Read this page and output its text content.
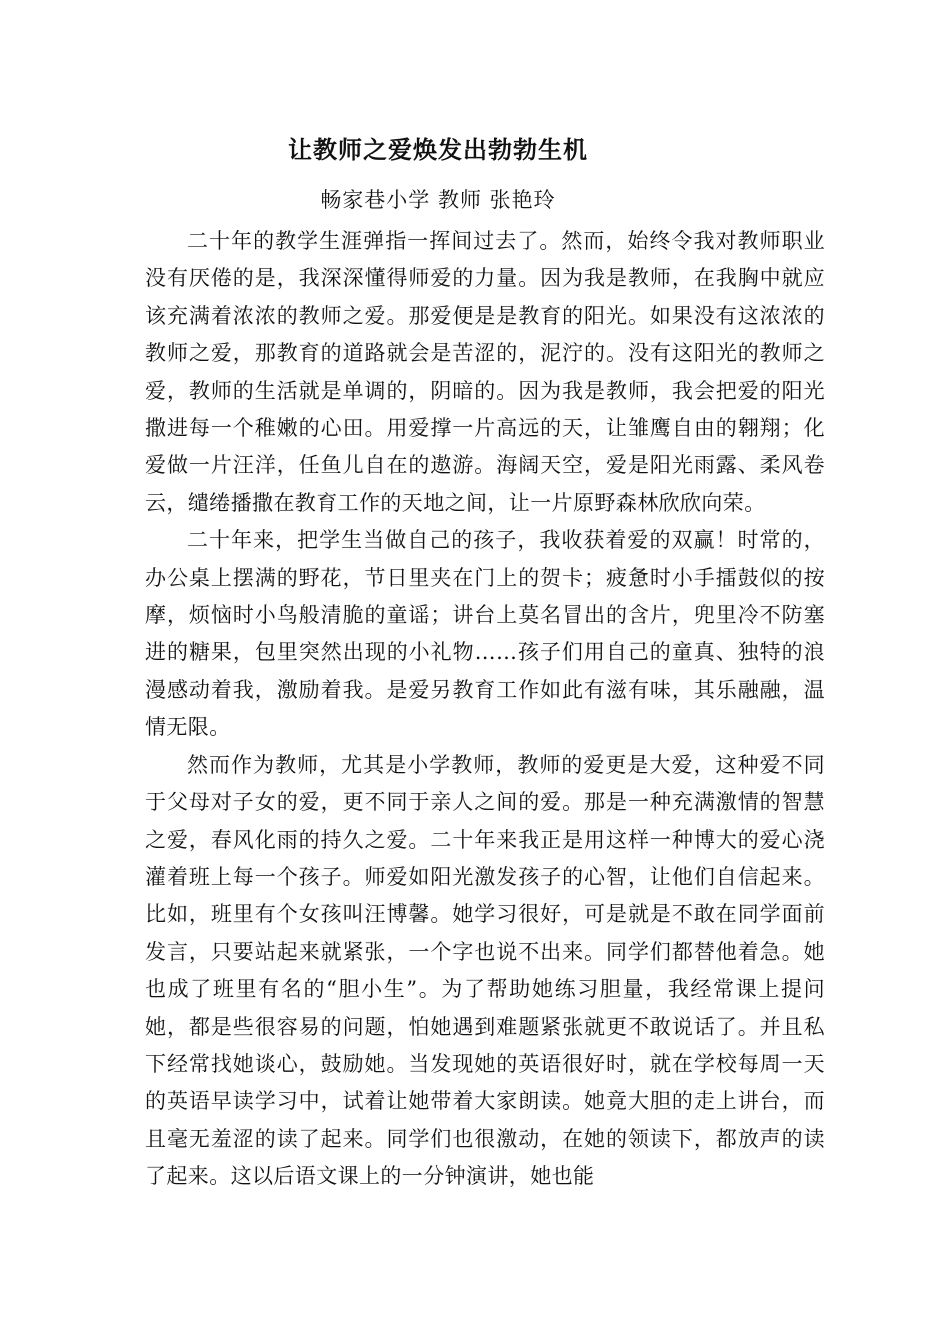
让教师之爱焕发出勃勃生机
畅家巷小学 教师 张艳玲

二十年的教学生涯弹指一挥间过去了。然而，始终令我对教师职业没有厌倦的是，我深深懂得师爱的力量。因为我是教师，在我胸中就应该充满着浓浓的教师之爱。那爱便是是教育的阳光。如果没有这浓浓的教师之爱，那教育的道路就会是苦涩的，泥泞的。没有这阳光的教师之爱，教师的生活就是单调的，阴暗的。因为我是教师，我会把爱的阳光撒进每一个稚嫩的心田。用爱撑一片高远的天，让雏鹰自由的翱翔；化爱做一片汪洋，任鱼儿自在的遨游。海阔天空，爱是阳光雨露、柔风卷云，缱绻播撒在教育工作的天地之间，让一片原野森林欣欣向荣。

二十年来，把学生当做自己的孩子，我收获着爱的双赢！时常的，办公桌上摆满的野花，节日里夹在门上的贺卡；疲惫时小手擂鼓似的按摩，烦恼时小鸟般清脆的童谣；讲台上莫名冒出的含片，兜里冷不防塞进的糖果，包里突然出现的小礼物……孩子们用自己的童真、独特的浪漫感动着我，激励着我。是爱另教育工作如此有滋有味，其乐融融，温情无限。

然而作为教师，尤其是小学教师，教师的爱更是大爱，这种爱不同于父母对子女的爱，更不同于亲人之间的爱。那是一种充满激情的智慧之爱，春风化雨的持久之爱。二十年来我正是用这样一种博大的爱心浇灌着班上每一个孩子。师爱如阳光激发孩子的心智，让他们自信起来。比如，班里有个女孩叫汪博馨。她学习很好，可是就是不敢在同学面前发言，只要站起来就紧张，一个字也说不出来。同学们都替他着急。她也成了班里有名的“胆小生”。为了帮助她练习胆量，我经常课上提问她，都是些很容易的问题，怕她遇到难题紧张就更不敢说话了。并且私下经常找她谈心，鼓励她。当发现她的英语很好时，就在学校每周一天的英语早读学习中，试着让她带着大家朗读。她竟大胆的走上讲台，而且毫无羞涩的读了起来。同学们也很激动，在她的领读下，都放声的读了起来。这以后语文课上的一分钟演讲，她也能
